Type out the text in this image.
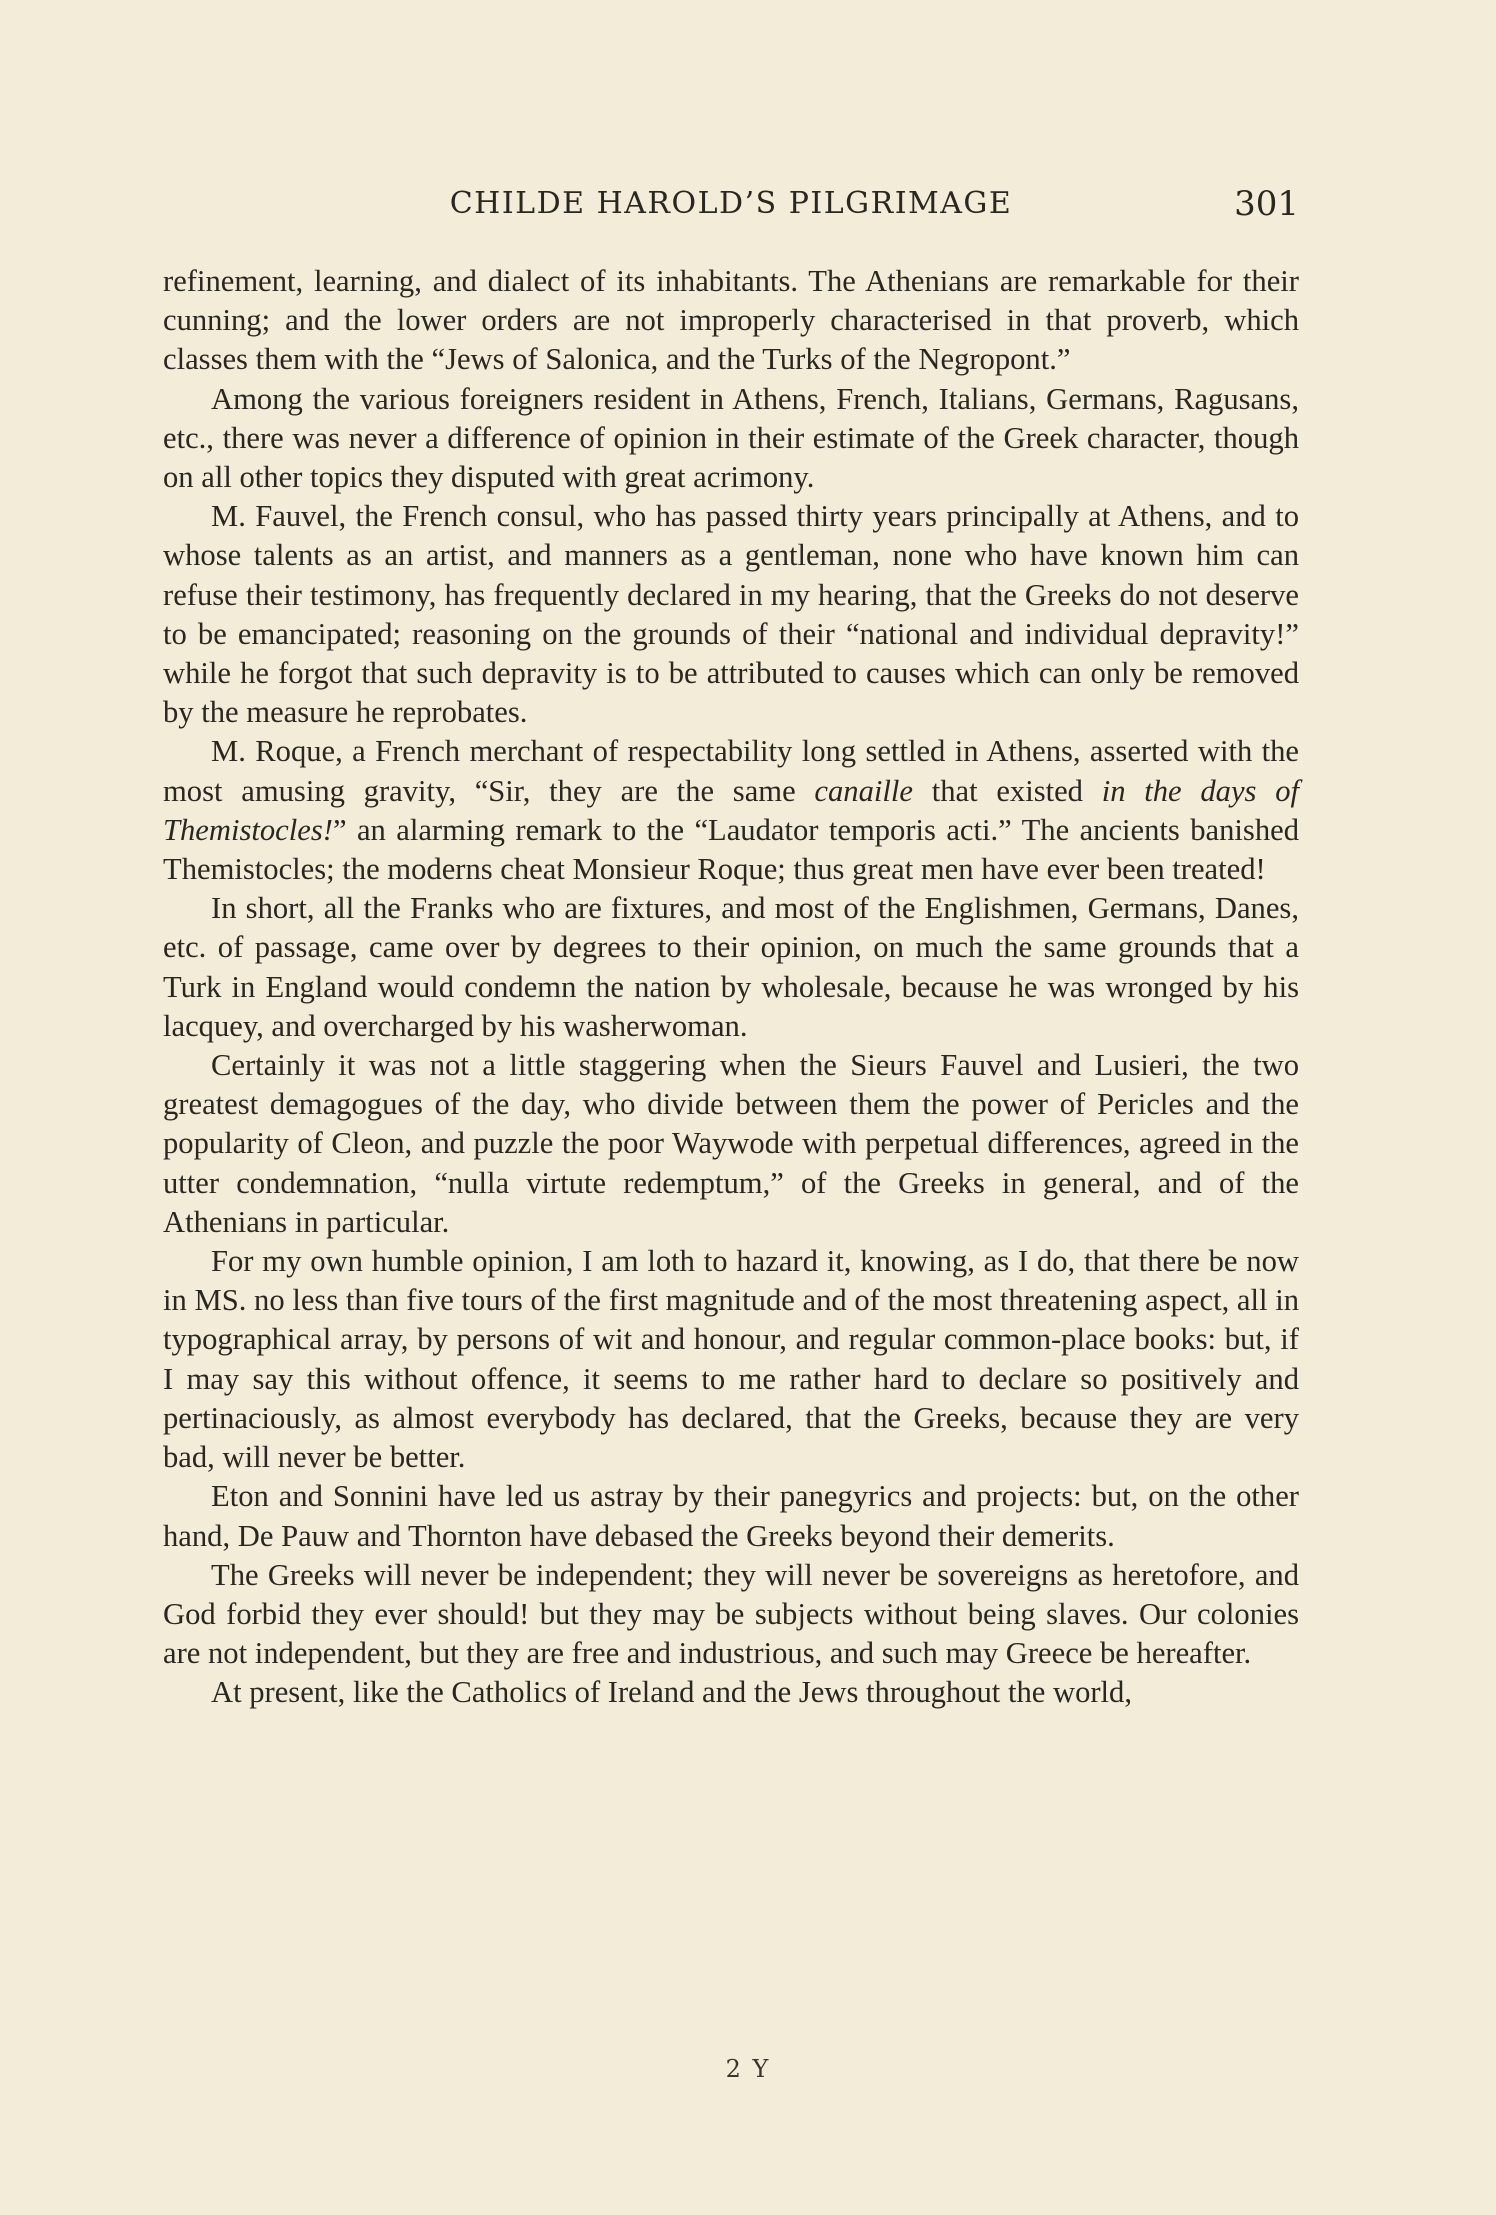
CHILDE HAROLD’S PILGRIMAGE	301

refinement, learning, and dialect of its inhabitants. The Athenians are remarkable for their cunning; and the lower orders are not improperly characterised in that proverb, which classes them with the “Jews of Salonica, and the Turks of the Negropont.”

Among the various foreigners resident in Athens, French, Italians, Germans, Ragusans, etc., there was never a difference of opinion in their estimate of the Greek character, though on all other topics they disputed with great acrimony.

M. Fauvel, the French consul, who has passed thirty years principally at Athens, and to whose talents as an artist, and manners as a gentleman, none who have known him can refuse their testimony, has frequently declared in my hearing, that the Greeks do not deserve to be emancipated; reasoning on the grounds of their “national and individual depravity!” while he forgot that such depravity is to be attributed to causes which can only be removed by the measure he reprobates.

M. Roque, a French merchant of respectability long settled in Athens, asserted with the most amusing gravity, “Sir, they are the same canaille that existed in the days of Themistocles!” an alarming remark to the “Laudator temporis acti.” The ancients banished Themistocles; the moderns cheat Monsieur Roque; thus great men have ever been treated!

In short, all the Franks who are fixtures, and most of the Englishmen, Germans, Danes, etc. of passage, came over by degrees to their opinion, on much the same grounds that a Turk in England would condemn the nation by wholesale, because he was wronged by his lacquey, and overcharged by his washerwoman.

Certainly it was not a little staggering when the Sieurs Fauvel and Lusieri, the two greatest demagogues of the day, who divide between them the power of Pericles and the popularity of Cleon, and puzzle the poor Waywode with perpetual differences, agreed in the utter condemnation, “nulla virtute redemptum,” of the Greeks in general, and of the Athenians in particular.

For my own humble opinion, I am loth to hazard it, knowing, as I do, that there be now in MS. no less than five tours of the first magnitude and of the most threatening aspect, all in typographical array, by persons of wit and honour, and regular common-place books: but, if I may say this without offence, it seems to me rather hard to declare so positively and pertinaciously, as almost everybody has declared, that the Greeks, because they are very bad, will never be better.

Eton and Sonnini have led us astray by their panegyrics and projects: but, on the other hand, De Pauw and Thornton have debased the Greeks beyond their demerits.

The Greeks will never be independent; they will never be sovereigns as heretofore, and God forbid they ever should! but they may be subjects without being slaves. Our colonies are not independent, but they are free and industrious, and such may Greece be hereafter.

At present, like the Catholics of Ireland and the Jews throughout the world,

2 Y
